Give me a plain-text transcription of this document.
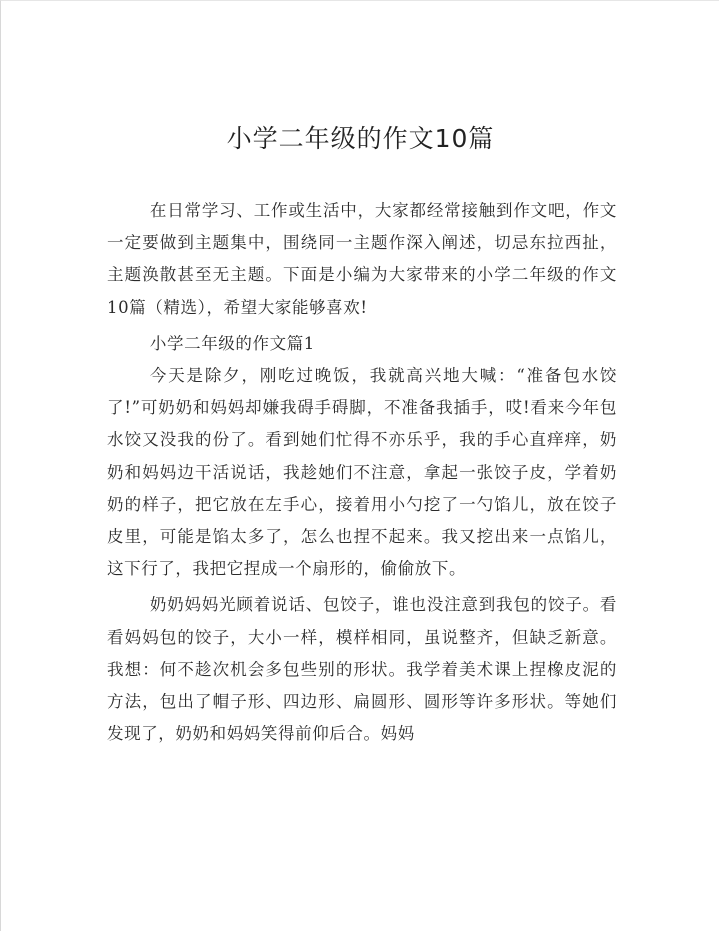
小学二年级的作文10篇

在日常学习、工作或生活中，大家都经常接触到作文吧，作文一定要做到主题集中，围绕同一主题作深入阐述，切忌东拉西扯，主题涣散甚至无主题。下面是小编为大家带来的小学二年级的作文10篇（精选），希望大家能够喜欢!

小学二年级的作文篇1

今天是除夕，刚吃过晚饭，我就高兴地大喊：“准备包水饺了!”可奶奶和妈妈却嫌我碍手碍脚，不准备我插手，哎!看来今年包水饺又没我的份了。看到她们忙得不亦乐乎，我的手心直痒痒，奶奶和妈妈边干活说话，我趁她们不注意，拿起一张饺子皮，学着奶奶的样子，把它放在左手心，接着用小勺挖了一勺馅儿，放在饺子皮里，可能是馅太多了，怎么也捏不起来。我又挖出来一点馅儿，这下行了，我把它捏成一个扇形的，偷偷放下。

奶奶妈妈光顾着说话、包饺子，谁也没注意到我包的饺子。看看妈妈包的饺子，大小一样，模样相同，虽说整齐，但缺乏新意。我想：何不趁次机会多包些别的形状。我学着美术课上捏橡皮泥的方法，包出了帽子形、四边形、扁圆形、圆形等许多形状。等她们发现了，奶奶和妈妈笑得前仰后合。妈妈
